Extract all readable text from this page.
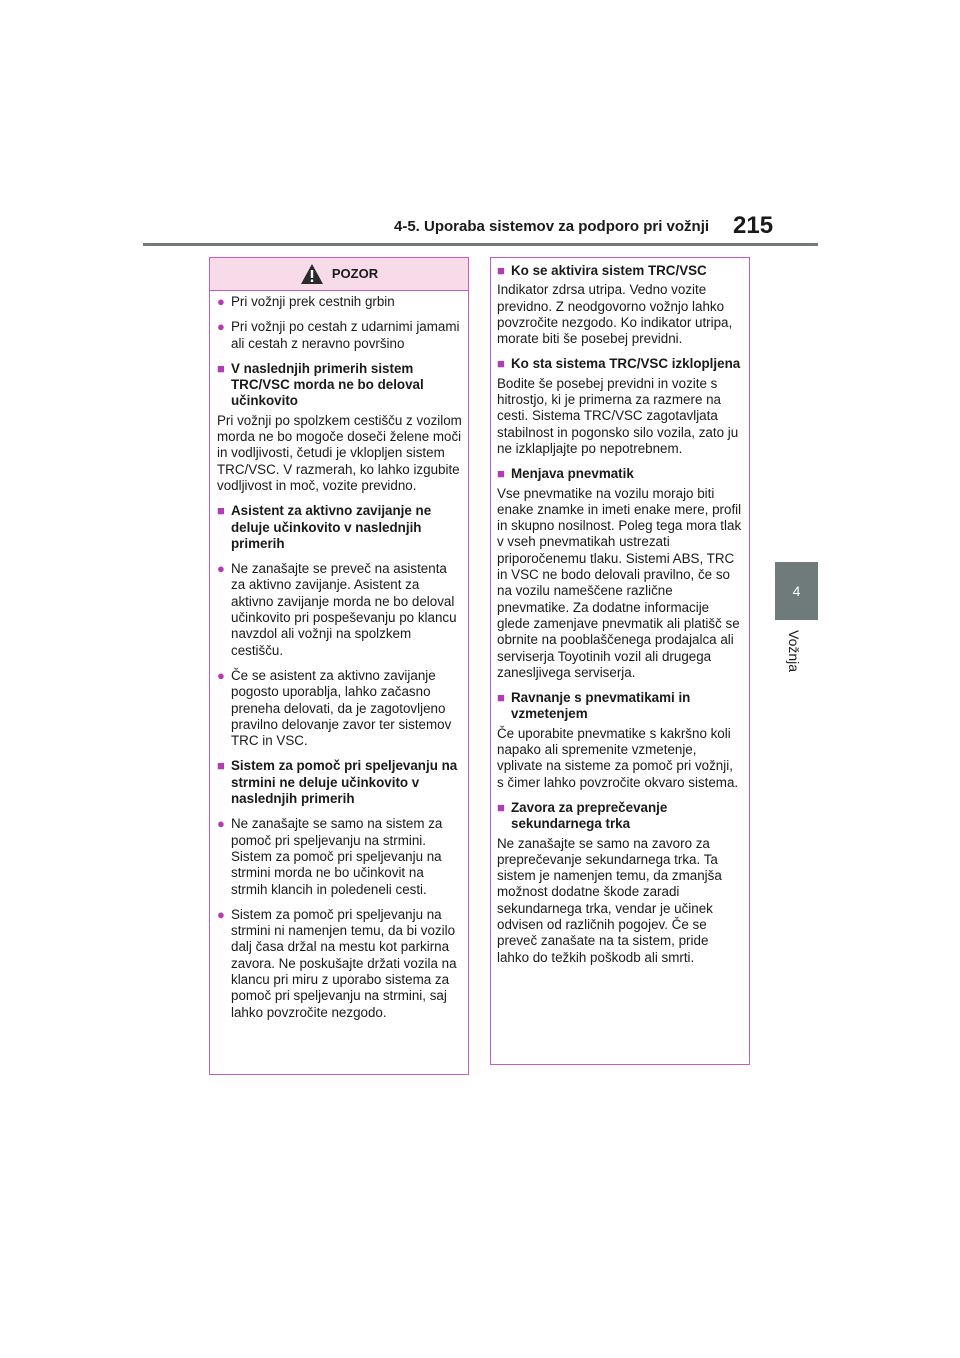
4-5. Uporaba sistemov za podporo pri vožnji 215
4
Vožnja
POZOR
● Pri vožnji prek cestnih grbin
● Pri vožnji po cestah z udarnimi jamami ali cestah z neravno površino
■ V naslednjih primerih sistem TRC/VSC morda ne bo deloval učinkovito
Pri vožnji po spolzkem cestišču z vozilom morda ne bo mogoče doseči želene moči in vodljivosti, četudi je vklopljen sistem TRC/VSC. V razmerah, ko lahko izgubite vodljivost in moč, vozite previdno.
■ Asistent za aktivno zavijanje ne deluje učinkovito v naslednjih primerih
● Ne zanašajte se preveč na asistenta za aktivno zavijanje. Asistent za aktivno zavijanje morda ne bo deloval učinkovito pri pospeševanju po klancu navzdol ali vožnji na spolzkem cestišču.
● Če se asistent za aktivno zavijanje pogosto uporablja, lahko začasno preneha delovati, da je zagotovljeno pravilno delovanje zavor ter sistemov TRC in VSC.
■ Sistem za pomoč pri speljevanju na strmini ne deluje učinkovito v naslednjih primerih
● Ne zanašajte se samo na sistem za pomoč pri speljevanju na strmini. Sistem za pomoč pri speljevanju na strmini morda ne bo učinkovit na strmih klancih in poledeneli cesti.
● Sistem za pomoč pri speljevanju na strmini ni namenjen temu, da bi vozilo dalj časa držal na mestu kot parkirna zavora. Ne poskušajte držati vozila na klancu pri miru z uporabo sistema za pomoč pri speljevanju na strmini, saj lahko povzročite nezgodo.
■ Ko se aktivira sistem TRC/VSC
Indikator zdrsa utripa. Vedno vozite previdno. Z neodgovorno vožnjo lahko povzročite nezgodo. Ko indikator utripa, morate biti še posebej previdni.
■ Ko sta sistema TRC/VSC izklopljena
Bodite še posebej previdni in vozite s hitrostjo, ki je primerna za razmere na cesti. Sistema TRC/VSC zagotavljata stabilnost in pogonsko silo vozila, zato ju ne izklapljajte po nepotrebnem.
■ Menjava pnevmatik
Vse pnevmatike na vozilu morajo biti enake znamke in imeti enake mere, profil in skupno nosilnost. Poleg tega mora tlak v vseh pnevmatikah ustrezati priporočenemu tlaku. Sistemi ABS, TRC in VSC ne bodo delovali pravilno, če so na vozilu nameščene različne pnevmatike. Za dodatne informacije glede zamenjave pnevmatik ali platišč se obrnite na pooblaščenega prodajalca ali serviserja Toyotinih vozil ali drugega zanesljivega serviserja.
■ Ravnanje s pnevmatikami in vzmetenjem
Če uporabite pnevmatike s kakršno koli napako ali spremenite vzmetenje, vplivate na sisteme za pomoč pri vožnji, s čimer lahko povzročite okvaro sistema.
■ Zavora za preprečevanje sekundarnega trka
Ne zanašajte se samo na zavoro za preprečevanje sekundarnega trka. Ta sistem je namenjen temu, da zmanjša možnost dodatne škode zaradi sekundarnega trka, vendar je učinek odvisen od različnih pogojev. Če se preveč zanašate na ta sistem, pride lahko do težkih poškodb ali smrti.
